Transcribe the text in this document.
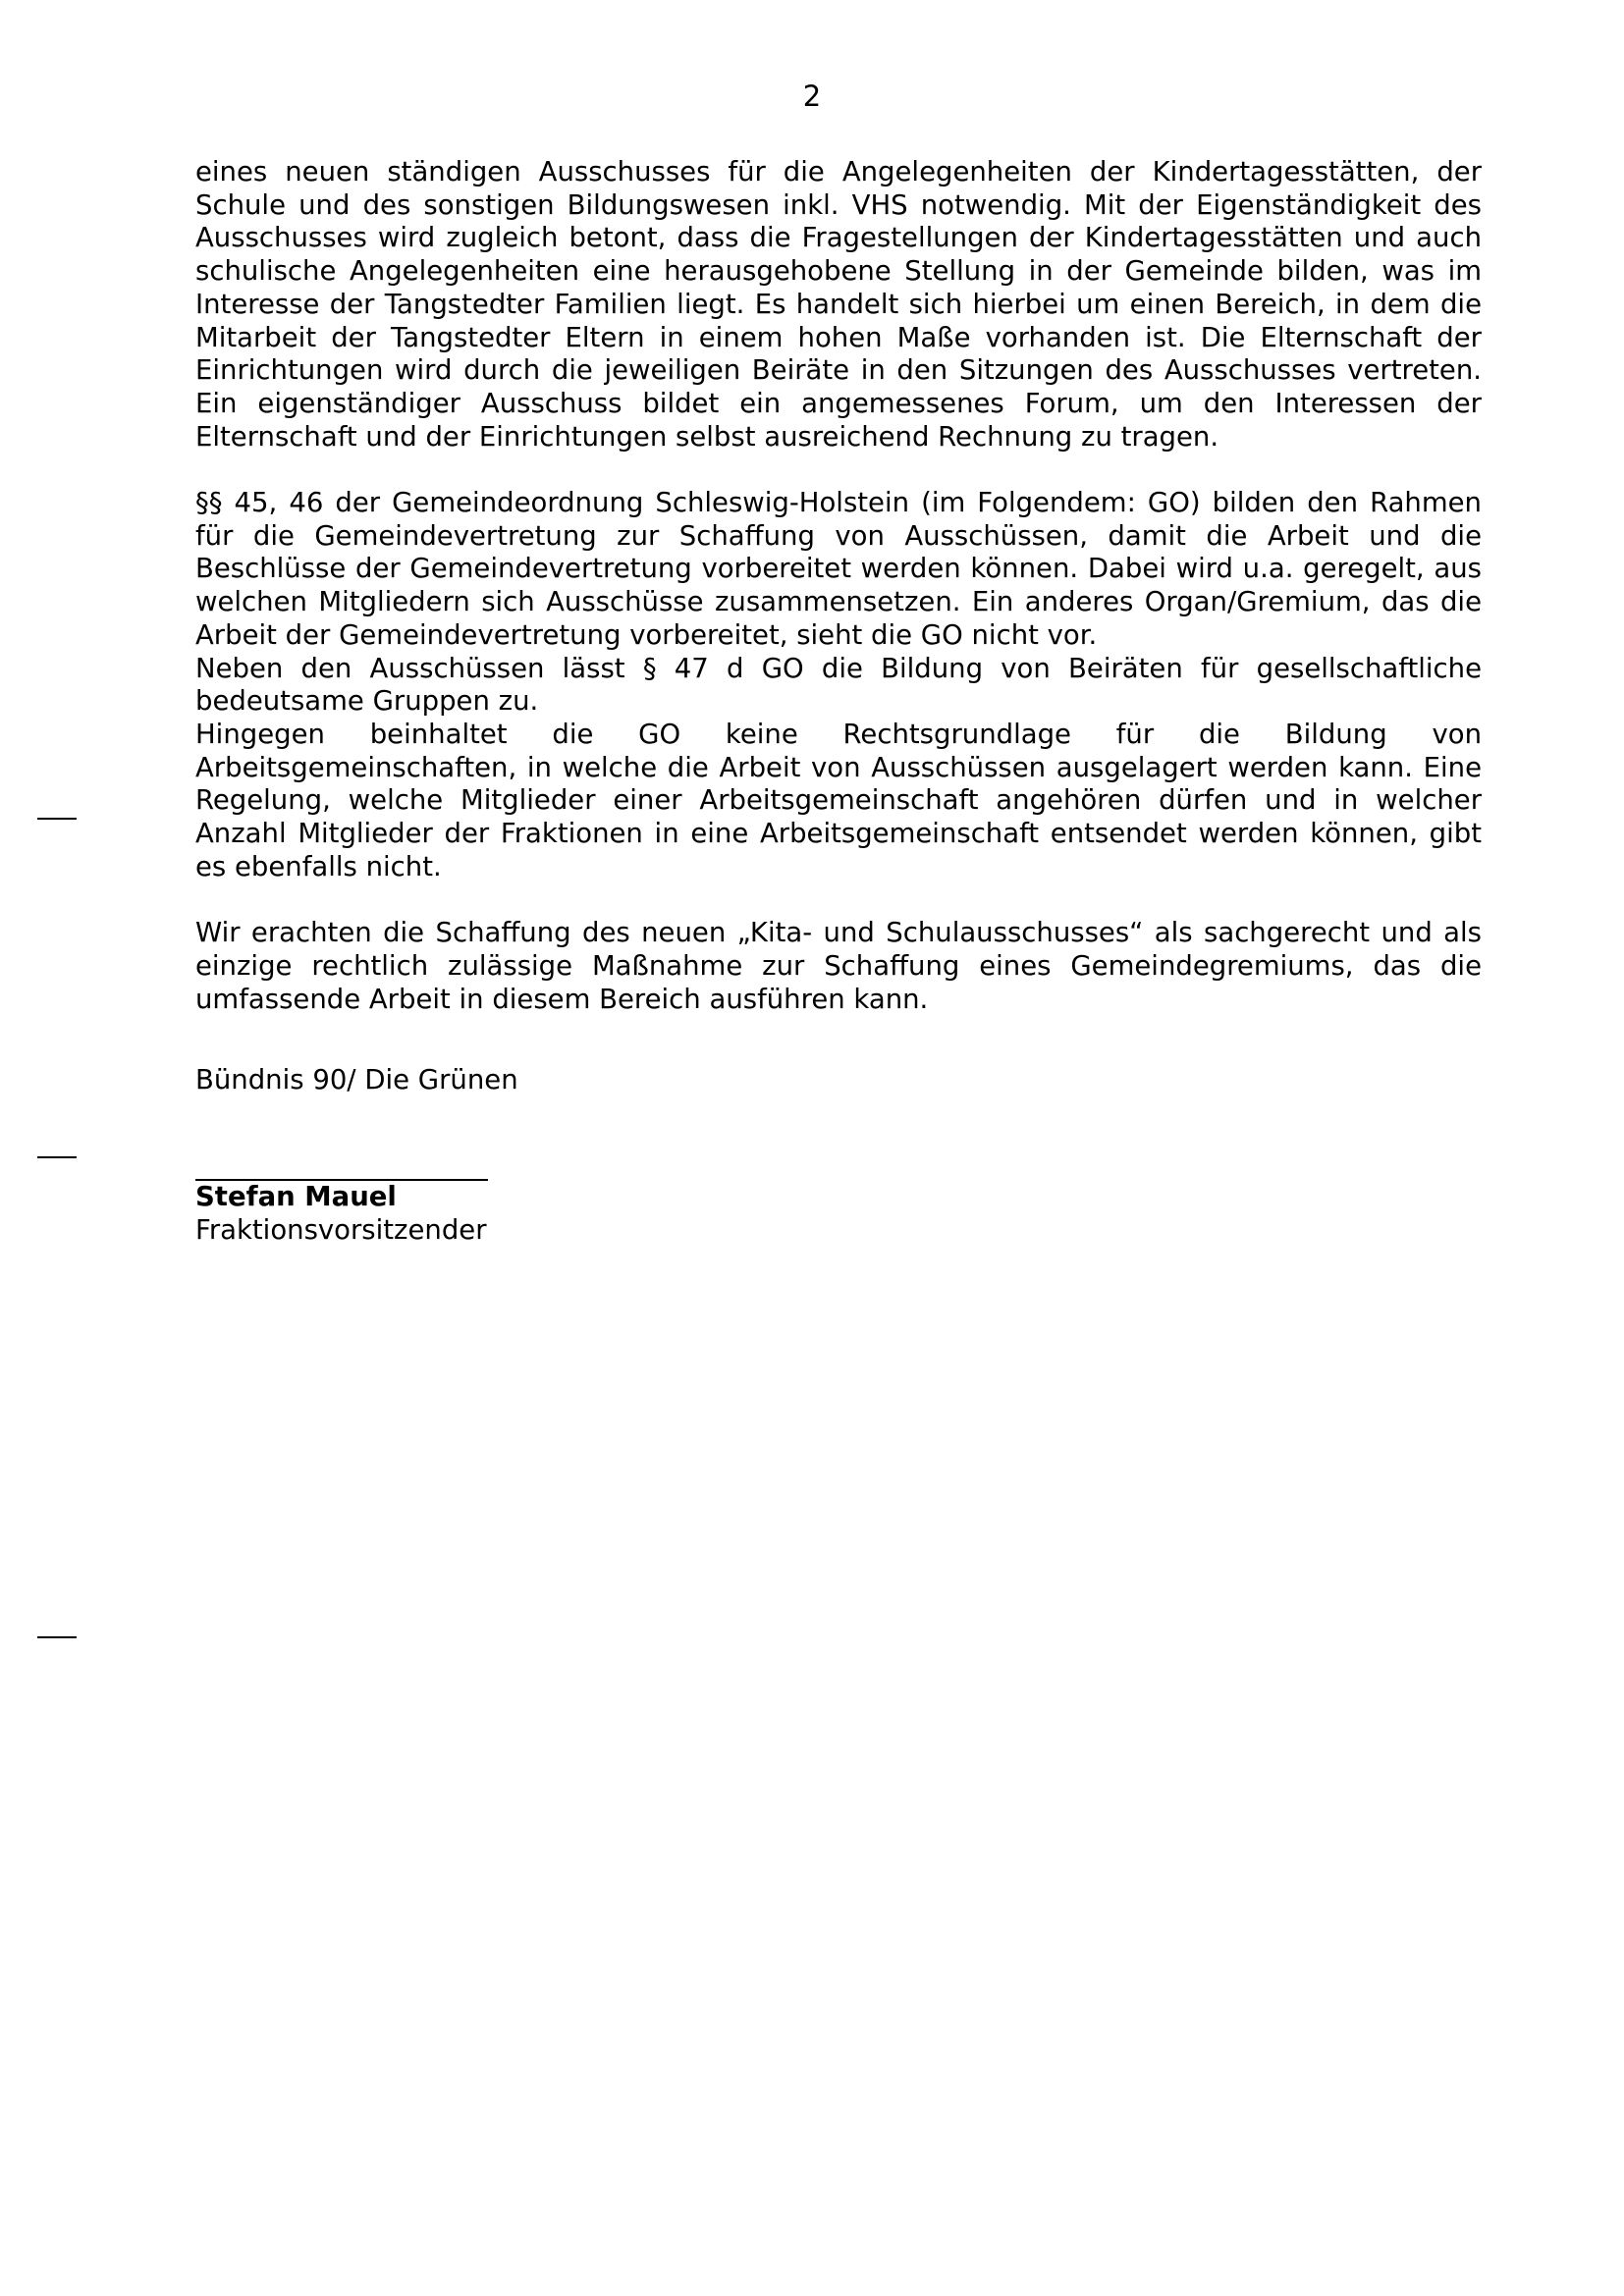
2

eines neuen ständigen Ausschusses für die Angelegenheiten der Kindertagesstätten, der Schule und des sonstigen Bildungswesen inkl. VHS notwendig. Mit der Eigenständigkeit des Ausschusses wird zugleich betont, dass die Fragestellungen der Kindertagesstätten und auch schulische Angelegenheiten eine herausgehobene Stellung in der Gemeinde bilden, was im Interesse der Tangstedter Familien liegt. Es handelt sich hierbei um einen Bereich, in dem die Mitarbeit der Tangstedter Eltern in einem hohen Maße vorhanden ist. Die Elternschaft der Einrichtungen wird durch die jeweiligen Beiräte in den Sitzungen des Ausschusses vertreten. Ein eigenständiger Ausschuss bildet ein angemessenes Forum, um den Interessen der Elternschaft und der Einrichtungen selbst ausreichend Rechnung zu tragen.

§§ 45, 46 der Gemeindeordnung Schleswig-Holstein (im Folgendem: GO) bilden den Rahmen für die Gemeindevertretung zur Schaffung von Ausschüssen, damit die Arbeit und die Beschlüsse der Gemeindevertretung vorbereitet werden können. Dabei wird u.a. geregelt, aus welchen Mitgliedern sich Ausschüsse zusammensetzen. Ein anderes Organ/Gremium, das die Arbeit der Gemeindevertretung vorbereitet, sieht die GO nicht vor.

Neben den Ausschüssen lässt § 47 d GO die Bildung von Beiräten für gesellschaftliche bedeutsame Gruppen zu.

Hingegen beinhaltet die GO keine Rechtsgrundlage für die Bildung von Arbeitsgemeinschaften, in welche die Arbeit von Ausschüssen ausgelagert werden kann. Eine Regelung, welche Mitglieder einer Arbeitsgemeinschaft angehören dürfen und in welcher Anzahl Mitglieder der Fraktionen in eine Arbeitsgemeinschaft entsendet werden können, gibt es ebenfalls nicht.

Wir erachten die Schaffung des neuen „Kita- und Schulausschusses“ als sachgerecht und als einzige rechtlich zulässige Maßnahme zur Schaffung eines Gemeindegremiums, das die umfassende Arbeit in diesem Bereich ausführen kann.

Bündnis 90/ Die Grünen

Stefan Mauel
Fraktionsvorsitzender
